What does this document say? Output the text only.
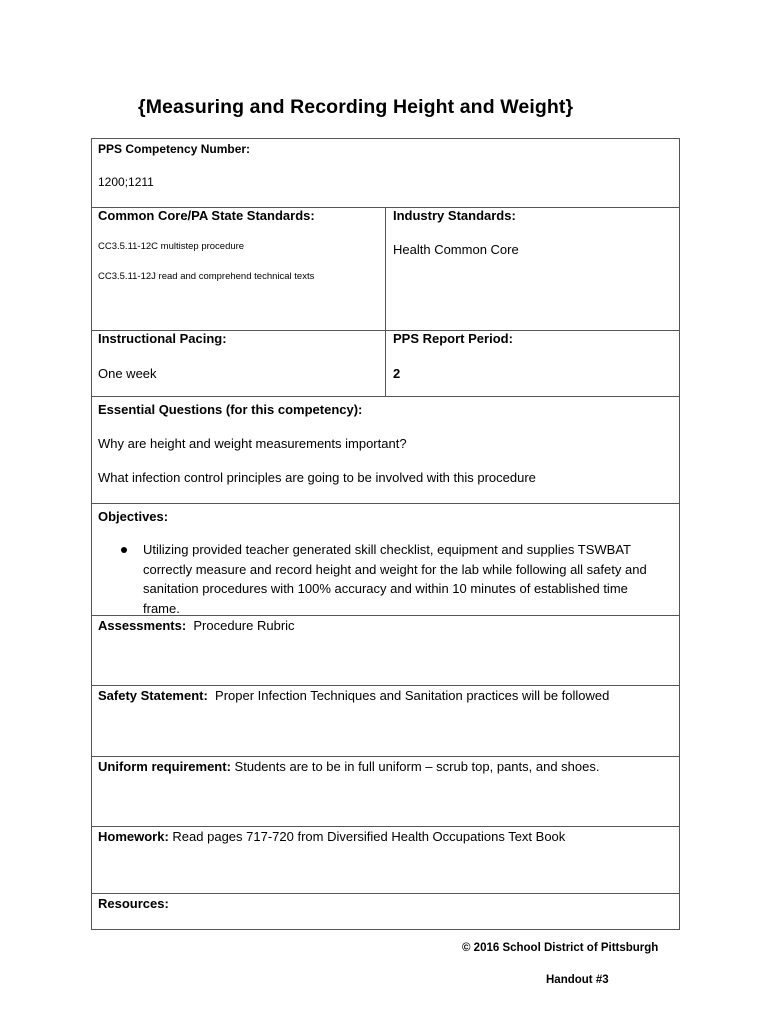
{Measuring and Recording Height and Weight}
PPS Competency Number:
1200;1211
Common Core/PA State Standards:
CC3.5.11-12C multistep procedure
CC3.5.11-12J read and comprehend technical texts
Industry Standards:
Health Common Core
Instructional Pacing:
One week
PPS Report Period:
2
Essential Questions (for this competency):
Why are height and weight measurements important?
What infection control principles are going to be involved with this procedure
Objectives:
Utilizing provided teacher generated skill checklist, equipment and supplies TSWBAT correctly measure and record height and weight for the lab while following all safety and sanitation procedures with 100% accuracy and within 10 minutes of established time frame.
Assessments: Procedure Rubric
Safety Statement: Proper Infection Techniques and Sanitation practices will be followed
Uniform requirement: Students are to be in full uniform – scrub top, pants, and shoes.
Homework: Read pages 717-720 from Diversified Health Occupations Text Book
Resources:
© 2016 School District of Pittsburgh
Handout #3
